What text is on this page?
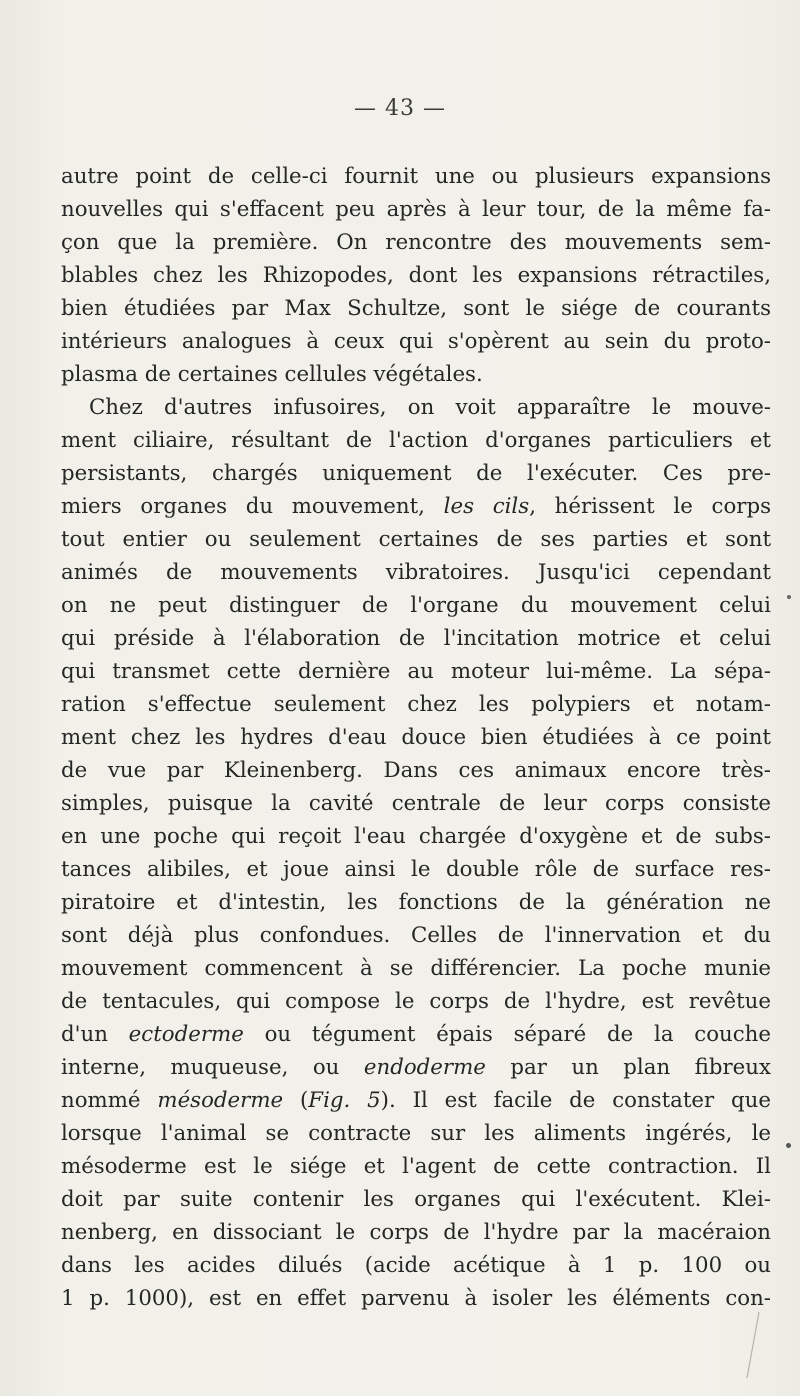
— 43 —

autre point de celle-ci fournit une ou plusieurs expansions
nouvelles qui s'effacent peu après à leur tour, de la même fa-
çon que la première. On rencontre des mouvements sem-
blables chez les Rhizopodes, dont les expansions rétractiles,
bien étudiées par Max Schultze, sont le siége de courants
intérieurs analogues à ceux qui s'opèrent au sein du proto-
plasma de certaines cellules végétales.

Chez d'autres infusoires, on voit apparaître le mouve-
ment ciliaire, résultant de l'action d'organes particuliers et
persistants, chargés uniquement de l'exécuter. Ces pre-
miers organes du mouvement, les cils, hérissent le corps
tout entier ou seulement certaines de ses parties et sont
animés de mouvements vibratoires. Jusqu'ici cependant
on ne peut distinguer de l'organe du mouvement celui
qui préside à l'élaboration de l'incitation motrice et celui
qui transmet cette dernière au moteur lui-même. La sépa-
ration s'effectue seulement chez les polypiers et notam-
ment chez les hydres d'eau douce bien étudiées à ce point
de vue par Kleinenberg. Dans ces animaux encore très-
simples, puisque la cavité centrale de leur corps consiste
en une poche qui reçoit l'eau chargée d'oxygène et de subs-
tances alibiles, et joue ainsi le double rôle de surface res-
piratoire et d'intestin, les fonctions de la génération ne
sont déjà plus confondues. Celles de l'innervation et du
mouvement commencent à se différencier. La poche munie
de tentacules, qui compose le corps de l'hydre, est revêtue
d'un ectoderme ou tégument épais séparé de la couche
interne, muqueuse, ou endoderme par un plan fibreux
nommé mésoderme (Fig. 5). Il est facile de constater que
lorsque l'animal se contracte sur les aliments ingérés, le
mésoderme est le siége et l'agent de cette contraction. Il
doit par suite contenir les organes qui l'exécutent. Klei-
nenberg, en dissociant le corps de l'hydre par la macéraion
dans les acides dilués (acide acétique à 1 p. 100 ou
1 p. 1000), est en effet parvenu à isoler les éléments con-
